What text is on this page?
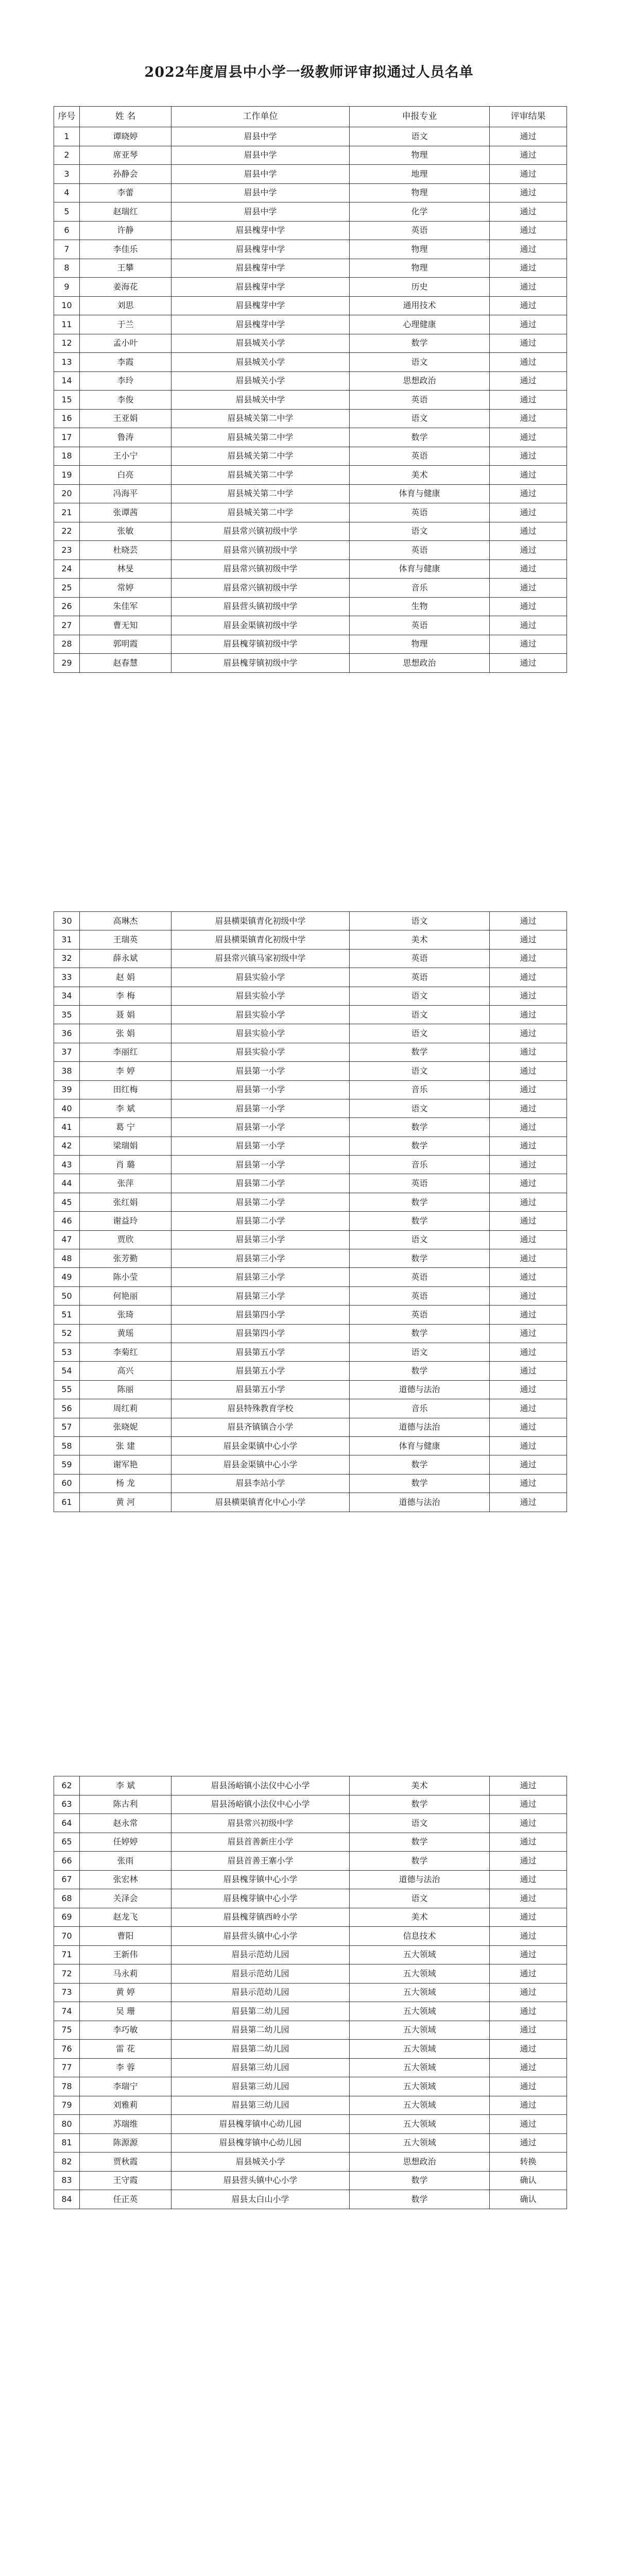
2022年度眉县中小学一级教师评审拟通过人员名单
序号	姓 名	工作单位	申报专业	评审结果
1	谭晓婷	眉县中学	语文	通过
2	席亚琴	眉县中学	物理	通过
3	孙静会	眉县中学	地理	通过
4	李蕾	眉县中学	物理	通过
5	赵瑞红	眉县中学	化学	通过
6	许静	眉县槐芽中学	英语	通过
7	李佳乐	眉县槐芽中学	物理	通过
8	王攀	眉县槐芽中学	物理	通过
9	姜海花	眉县槐芽中学	历史	通过
10	刘思	眉县槐芽中学	通用技术	通过
11	于兰	眉县槐芽中学	心理健康	通过
12	孟小叶	眉县城关小学	数学	通过
13	李霞	眉县城关小学	语文	通过
14	李玲	眉县城关小学	思想政治	通过
15	李俊	眉县城关中学	英语	通过
16	王亚娟	眉县城关第二中学	语文	通过
17	鲁涛	眉县城关第二中学	数学	通过
18	王小宁	眉县城关第二中学	英语	通过
19	白亮	眉县城关第二中学	美术	通过
20	冯海平	眉县城关第二中学	体育与健康	通过
21	张谭茜	眉县城关第二中学	英语	通过
22	张敏	眉县常兴镇初级中学	语文	通过
23	杜晓芸	眉县常兴镇初级中学	英语	通过
24	林旻	眉县常兴镇初级中学	体育与健康	通过
25	常婷	眉县常兴镇初级中学	音乐	通过
26	朱佳军	眉县营头镇初级中学	生物	通过
27	曹无知	眉县金渠镇初级中学	英语	通过
28	郭明霞	眉县槐芽镇初级中学	物理	通过
29	赵春慧	眉县槐芽镇初级中学	思想政治	通过
30	高琳杰	眉县横渠镇青化初级中学	语文	通过
31	王瑞英	眉县横渠镇青化初级中学	美术	通过
32	薛永斌	眉县常兴镇马家初级中学	英语	通过
33	赵 娟	眉县实验小学	英语	通过
34	李 梅	眉县实验小学	语文	通过
35	聂 娟	眉县实验小学	语文	通过
36	张 娟	眉县实验小学	语文	通过
37	李丽红	眉县实验小学	数学	通过
38	李 婷	眉县第一小学	语文	通过
39	田红梅	眉县第一小学	音乐	通过
40	李 斌	眉县第一小学	语文	通过
41	葛 宁	眉县第一小学	数学	通过
42	梁瑞娟	眉县第一小学	数学	通过
43	肖 璐	眉县第一小学	音乐	通过
44	张萍	眉县第二小学	英语	通过
45	张红娟	眉县第二小学	数学	通过
46	谢益玲	眉县第二小学	数学	通过
47	贾欣	眉县第三小学	语文	通过
48	张芳勤	眉县第三小学	数学	通过
49	陈小莹	眉县第三小学	英语	通过
50	何艳丽	眉县第三小学	英语	通过
51	张琦	眉县第四小学	英语	通过
52	黄瑶	眉县第四小学	数学	通过
53	李菊红	眉县第五小学	语文	通过
54	高兴	眉县第五小学	数学	通过
55	陈丽	眉县第五小学	道德与法治	通过
56	周红莉	眉县特殊教育学校	音乐	通过
57	张晓妮	眉县齐镇镇合小学	道德与法治	通过
58	张 建	眉县金渠镇中心小学	体育与健康	通过
59	谢军艳	眉县金渠镇中心小学	数学	通过
60	杨 龙	眉县李站小学	数学	通过
61	黄 河	眉县横渠镇青化中心小学	道德与法治	通过
62	李 斌	眉县汤峪镇小法仪中心小学	美术	通过
63	陈古利	眉县汤峪镇小法仪中心小学	数学	通过
64	赵永常	眉县常兴初级中学	语文	通过
65	任婷婷	眉县首善新庄小学	数学	通过
66	张雨	眉县首善王寨小学	数学	通过
67	张宏林	眉县槐芽镇中心小学	道德与法治	通过
68	关泽会	眉县槐芽镇中心小学	语文	通过
69	赵龙飞	眉县槐芽镇西岭小学	美术	通过
70	曹阳	眉县营头镇中心小学	信息技术	通过
71	王新伟	眉县示范幼儿园	五大领域	通过
72	马永莉	眉县示范幼儿园	五大领域	通过
73	黄 婷	眉县示范幼儿园	五大领域	通过
74	吴 珊	眉县第二幼儿园	五大领域	通过
75	李巧敏	眉县第二幼儿园	五大领域	通过
76	雷 花	眉县第二幼儿园	五大领域	通过
77	李 蓉	眉县第三幼儿园	五大领域	通过
78	李瑞宁	眉县第三幼儿园	五大领域	通过
79	刘雅莉	眉县第三幼儿园	五大领域	通过
80	苏瑞维	眉县槐芽镇中心幼儿园	五大领域	通过
81	陈源源	眉县槐芽镇中心幼儿园	五大领域	通过
82	贾秋霞	眉县城关小学	思想政治	转换
83	王守霞	眉县营头镇中心小学	数学	确认
84	任正英	眉县太白山小学	数学	确认
